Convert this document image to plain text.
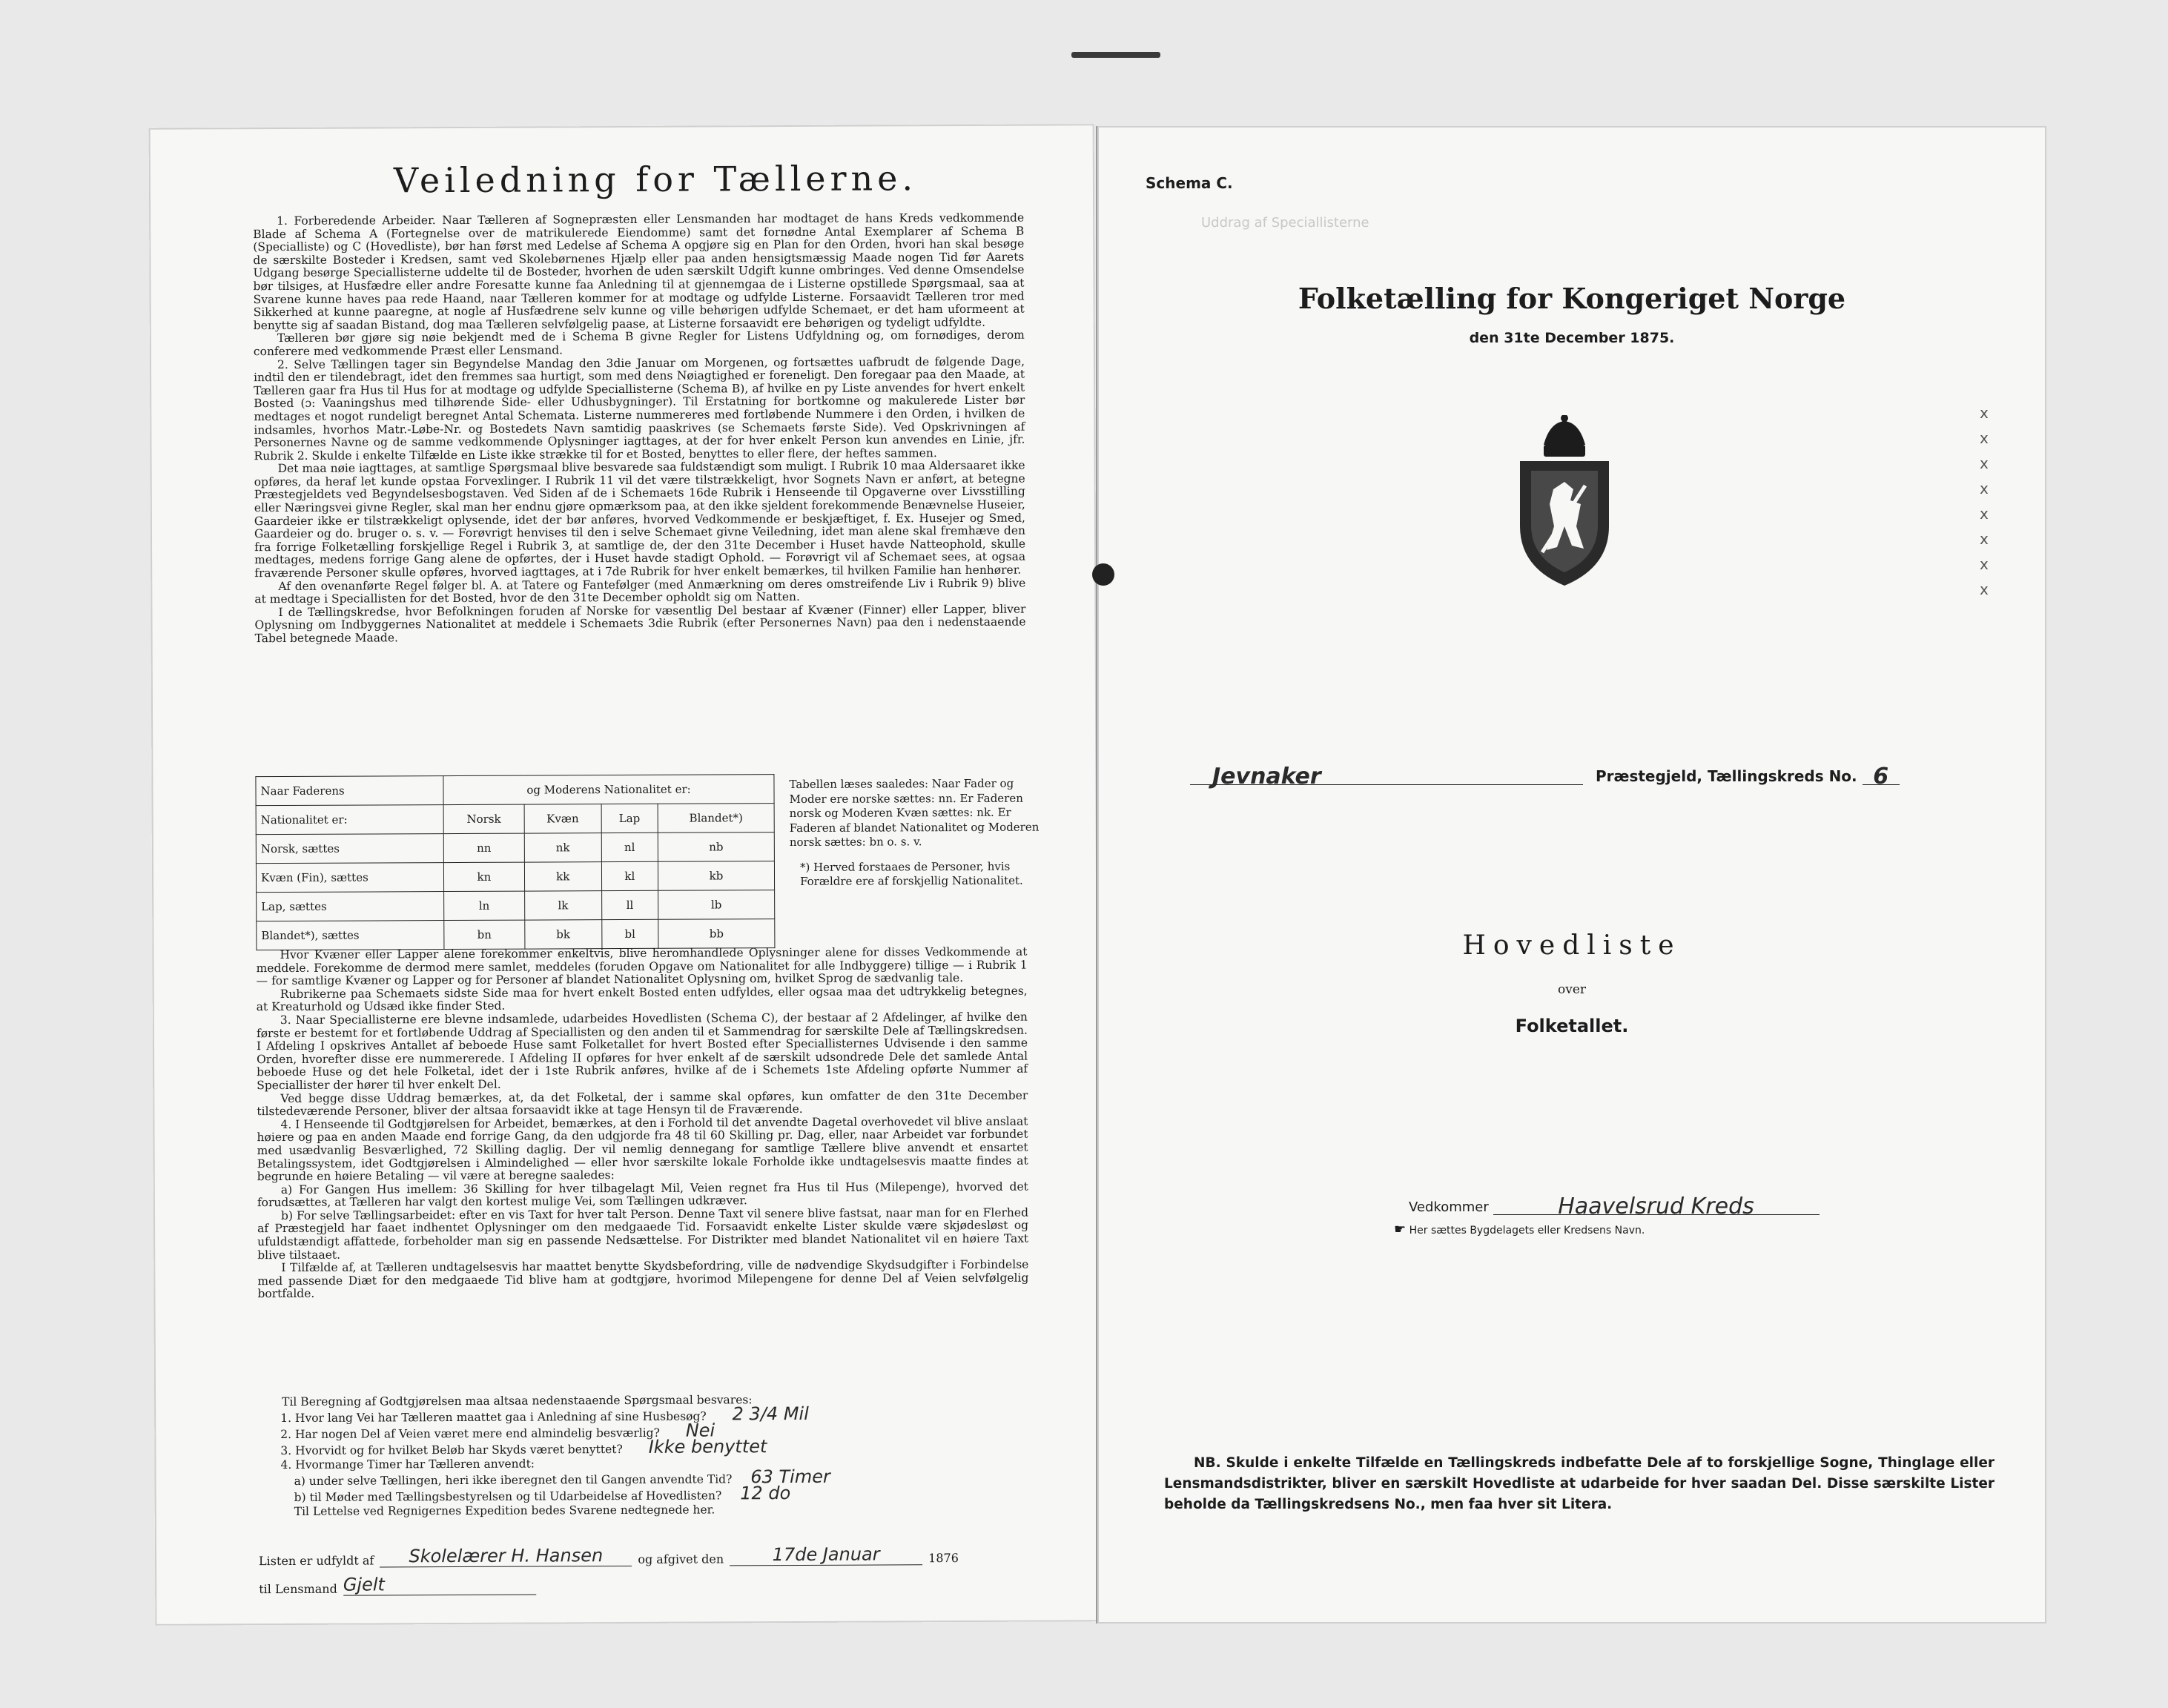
Veiledning for Tællerne.

1. Forberedende Arbeider. Naar Tælleren af Sognepræsten eller Lensmanden har modtaget de hans Kreds vedkommende Blade af Schema A (Fortegnelse over de matrikulerede Eiendomme) samt det fornødne Antal Exemplarer af Schema B (Specialliste) og C (Hovedliste), bør han først med Ledelse af Schema A opgjøre sig en Plan for den Orden, hvori han skal besøge de særskilte Bosteder i Kredsen, samt ved Skolebørnenes Hjælp eller paa anden hensigtsmæssig Maade nogen Tid før Aarets Udgang besørge Speciallisterne uddelte til de Bosteder, hvorhen de uden særskilt Udgift kunne ombringes. Ved denne Omsendelse bør tilsiges, at Husfædre eller andre Foresatte kunne faa Anledning til at gjennemgaa de i Listerne opstillede Spørgsmaal, saa at Svarene kunne haves paa rede Haand, naar Tælleren kommer for at modtage og udfylde Listerne. Forsaavidt Tælleren tror med Sikkerhed at kunne paaregne, at nogle af Husfædrene selv kunne og ville behørigen udfylde Schemaet, er det ham uformeent at benytte sig af saadan Bistand, dog maa Tælleren selvfølgelig paase, at Listerne forsaavidt ere behørigen og tydeligt udfyldte.

Tælleren bør gjøre sig nøie bekjendt med de i Schema B givne Regler for Listens Udfyldning og, om fornødiges, derom conferere med vedkommende Præst eller Lensmand.

2. Selve Tællingen tager sin Begyndelse Mandag den 3die Januar om Morgenen, og fortsættes uafbrudt de følgende Dage, indtil den er tilendebragt, idet den fremmes saa hurtigt, som med dens Nøiagtighed er foreneligt. Den foregaar paa den Maade, at Tælleren gaar fra Hus til Hus for at modtage og udfylde Speciallisterne (Schema B), af hvilke en py Liste anvendes for hvert enkelt Bosted (ɔ: Vaaningshus med tilhørende Side- eller Udhusbygninger). Til Erstatning for bortkomne og makulerede Lister bør medtages et nogot rundeligt beregnet Antal Schemata. Listerne nummereres med fortløbende Nummere i den Orden, i hvilken de indsamles, hvorhos Matr.-Løbe-Nr. og Bostedets Navn samtidig paaskrives (se Schemaets første Side). Ved Opskrivningen af Personernes Navne og de samme vedkommende Oplysninger iagttages, at der for hver enkelt Person kun anvendes en Linie, jfr. Rubrik 2. Skulde i enkelte Tilfælde en Liste ikke strække til for et Bosted, benyttes to eller flere, der heftes sammen.

Det maa nøie iagttages, at samtlige Spørgsmaal blive besvarede saa fuldstændigt som muligt. I Rubrik 10 maa Aldersaaret ikke opføres, da heraf let kunde opstaa Forvexlinger. I Rubrik 11 vil det være tilstrækkeligt, hvor Sognets Navn er anført, at betegne Præstegjeldets ved Begyndelsesbogstaven. Ved Siden af de i Schemaets 16de Rubrik i Henseende til Opgaverne over Livsstilling eller Næringsvei givne Regler, skal man her endnu gjøre opmærksom paa, at den ikke sjeldent forekommende Benævnelse Huseier, Gaardeier ikke er tilstrækkeligt oplysende, idet der bør anføres, hvorved Vedkommende er beskjæftiget, f. Ex. Husejer og Smed, Gaardeier og do. bruger o. s. v. — Forøvrigt henvises til den i selve Schemaet givne Veiledning, idet man alene skal fremhæve den fra forrige Folketælling forskjellige Regel i Rubrik 3, at samtlige de, der den 31te December i Huset havde Natteophold, skulle medtages, medens forrige Gang alene de opførtes, der i Huset havde stadigt Ophold. — Forøvrigt vil af Schemaet sees, at ogsaa fraværende Personer skulle opføres, hvorved iagttages, at i 7de Rubrik for hver enkelt bemærkes, til hvilken Familie han henhører.

Af den ovenanførte Regel følger bl. A. at Tatere og Fantefølger (med Anmærkning om deres omstreifende Liv i Rubrik 9) blive at medtage i Speciallisten for det Bosted, hvor de den 31te December opholdt sig om Natten.

I de Tællingskredse, hvor Befolkningen foruden af Norske for væsentlig Del bestaar af Kvæner (Finner) eller Lapper, bliver Oplysning om Indbyggernes Nationalitet at meddele i Schemaets 3die Rubrik (efter Personernes Navn) paa den i nedenstaaende Tabel betegnede Maade.

Naar Faderens	og Moderens Nationalitet er:			
Nationalitet er:	Norsk	Kvæn	Lap	Blandet*)
Norsk, sættes	nn	nk	nl	nb
Kvæn (Fin), sættes	kn	kk	kl	kb
Lap, sættes	ln	lk	ll	lb
Blandet*), sættes	bn	bk	bl	bb
Tabellen læses saaledes: Naar Fader og Moder ere norske sættes: nn. Er Faderen norsk og Moderen Kvæn sættes: nk. Er Faderen af blandet Nationalitet og Moderen norsk sættes: bn o. s. v.
*) Herved forstaaes de Personer, hvis Forældre ere af forskjellig Nationalitet.

Hvor Kvæner eller Lapper alene forekommer enkeltvis, blive heromhandlede Oplysninger alene for disses Vedkommende at meddele. Forekomme de dermod mere samlet, meddeles (foruden Opgave om Nationalitet for alle Indbyggere) tillige — i Rubrik 1 — for samtlige Kvæner og Lapper og for Personer af blandet Nationalitet Oplysning om, hvilket Sprog de sædvanlig tale.

Rubrikerne paa Schemaets sidste Side maa for hvert enkelt Bosted enten udfyldes, eller ogsaa maa det udtrykkelig betegnes, at Kreaturhold og Udsæd ikke finder Sted.

3. Naar Speciallisterne ere blevne indsamlede, udarbeides Hovedlisten (Schema C), der bestaar af 2 Afdelinger, af hvilke den første er bestemt for et fortløbende Uddrag af Speciallisten og den anden til et Sammendrag for særskilte Dele af Tællingskredsen. I Afdeling I opskrives Antallet af beboede Huse samt Folketallet for hvert Bosted efter Speciallisternes Udvisende i den samme Orden, hvorefter disse ere nummererede. I Afdeling II opføres for hver enkelt af de særskilt udsondrede Dele det samlede Antal beboede Huse og det hele Folketal, idet der i 1ste Rubrik anføres, hvilke af de i Schemets 1ste Afdeling opførte Nummer af Speciallister der hører til hver enkelt Del.

Ved begge disse Uddrag bemærkes, at, da det Folketal, der i samme skal opføres, kun omfatter de den 31te December tilstedeværende Personer, bliver der altsaa forsaavidt ikke at tage Hensyn til de Fraværende.

4. I Henseende til Godtgjørelsen for Arbeidet, bemærkes, at den i Forhold til det anvendte Dagetal overhovedet vil blive anslaat høiere og paa en anden Maade end forrige Gang, da den udgjorde fra 48 til 60 Skilling pr. Dag, eller, naar Arbeidet var forbundet med usædvanlig Besværlighed, 72 Skilling daglig. Der vil nemlig dennegang for samtlige Tællere blive anvendt et ensartet Betalingssystem, idet Godtgjørelsen i Almindelighed — eller hvor særskilte lokale Forholde ikke undtagelsesvis maatte findes at begrunde en høiere Betaling — vil være at beregne saaledes:

a) For Gangen Hus imellem: 36 Skilling for hver tilbagelagt Mil, Veien regnet fra Hus til Hus (Milepenge), hvorved det forudsættes, at Tælleren har valgt den kortest mulige Vei, som Tællingen udkræver.

b) For selve Tællingsarbeidet: efter en vis Taxt for hver talt Person. Denne Taxt vil senere blive fastsat, naar man for en Flerhed af Præstegjeld har faaet indhentet Oplysninger om den medgaaede Tid. Forsaavidt enkelte Lister skulde være skjødesløst og ufuldstændigt affattede, forbeholder man sig en passende Nedsættelse. For Distrikter med blandet Nationalitet vil en høiere Taxt blive tilstaaet.

I Tilfælde af, at Tælleren undtagelsesvis har maattet benytte Skydsbefordring, ville de nødvendige Skydsudgifter i Forbindelse med passende Diæt for den medgaaede Tid blive ham at godtgjøre, hvorimod Milepengene for denne Del af Veien selvfølgelig bortfalde.

Til Beregning af Godtgjørelsen maa altsaa nedenstaaende Spørgsmaal besvares:
1. Hvor lang Vei har Tælleren maattet gaa i Anledning af sine Husbesøg? 2 3/4 Mil
2. Har nogen Del af Veien været mere end almindelig besværlig? Nei
3. Hvorvidt og for hvilket Beløb har Skyds været benyttet? Ikke benyttet
4. Hvormange Timer har Tælleren anvendt:
a) under selve Tællingen, heri ikke iberegnet den til Gangen anvendte Tid? 63 Timer
b) til Møder med Tællingsbestyrelsen og til Udarbeidelse af Hovedlisten? 12 do
Til Lettelse ved Regnigernes Expedition bedes Svarene nedtegnede her.
Listen er udfyldt af	Skolelærer H. Hansen	og afgivet den	17de Januar	1876
til Lensmand Gjelt
Uddrag af Speciallisterne
Schema C.
Folketælling for Kongeriget Norge
den 31te December 1875.
Jevnaker	Præstegjeld, Tællingskreds No. 6
Hovedliste
over
Folketallet.
Vedkommer	Haavelsrud Kreds
☛ Her sættes Bygdelagets eller Kredsens Navn.

NB. Skulde i enkelte Tilfælde en Tællingskreds indbefatte Dele af to forskjellige Sogne, Thinglage eller Lensmandsdistrikter, bliver en særskilt Hovedliste at udarbeide for hver saadan Del. Disse særskilte Lister beholde da Tællingskredsens No., men faa hver sit Litera.

x
x
x
x
x
x
x
x
